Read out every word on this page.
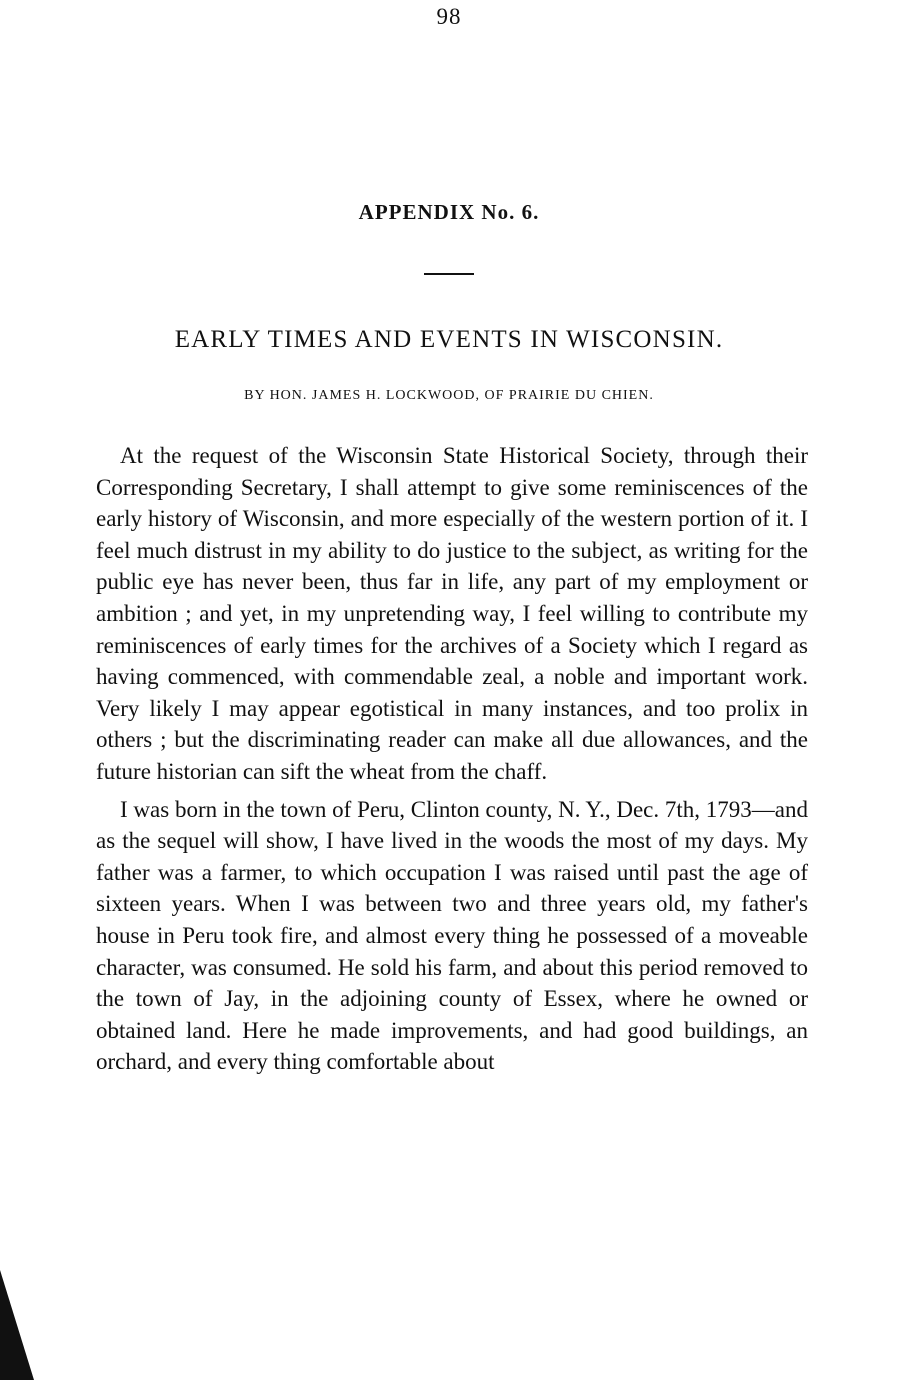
98
APPENDIX No. 6.
EARLY TIMES AND EVENTS IN WISCONSIN.
BY HON. JAMES H. LOCKWOOD, OF PRAIRIE DU CHIEN.

At the request of the Wisconsin State Historical Society, through their Corresponding Secretary, I shall attempt to give some reminiscences of the early history of Wisconsin, and more especially of the western portion of it. I feel much distrust in my ability to do justice to the subject, as writing for the public eye has never been, thus far in life, any part of my employment or ambition ; and yet, in my unpretending way, I feel willing to contribute my reminiscences of early times for the archives of a Society which I regard as having commenced, with commendable zeal, a noble and important work. Very likely I may appear egotistical in many instances, and too prolix in others ; but the discriminating reader can make all due allowances, and the future historian can sift the wheat from the chaff.

I was born in the town of Peru, Clinton county, N. Y., Dec. 7th, 1793—and as the sequel will show, I have lived in the woods the most of my days. My father was a farmer, to which occupation I was raised until past the age of sixteen years. When I was between two and three years old, my father's house in Peru took fire, and almost every thing he possessed of a moveable character, was consumed. He sold his farm, and about this period removed to the town of Jay, in the adjoining county of Essex, where he owned or obtained land. Here he made improvements, and had good buildings, an orchard, and every thing comfortable about
